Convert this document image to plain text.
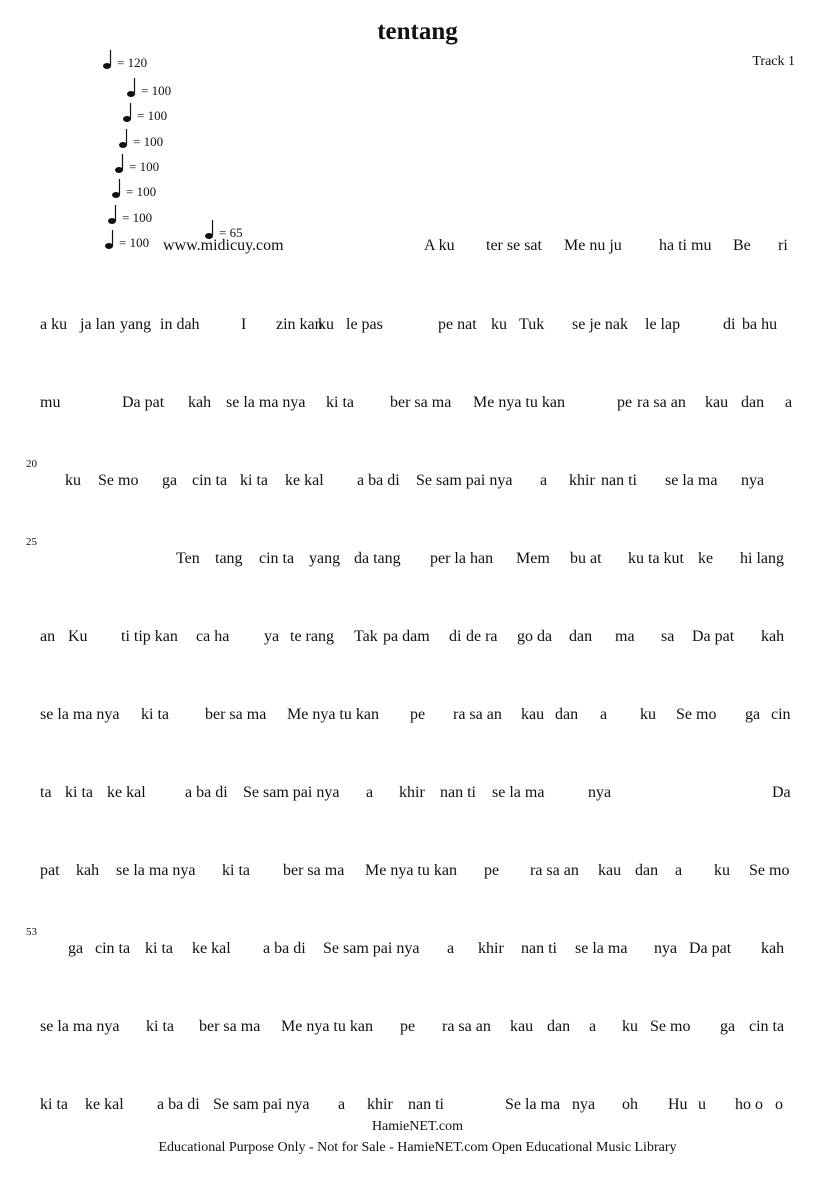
tentang
Track 1
= 120
= 100
= 100
= 100
= 100
= 100
= 100
= 100
= 65
www.midicuy.com
20
25
53
A ku ter se sat Me nu ju ha ti mu Be ri
a ku ja lan yang in dah	I zin kan
ku le pas	pe nat ku Tuk se je nak le lap	di ba hu
mu	Da pat kah se la ma nya ki ta ber sa ma Me nya tu kan	pe ra sa an kau dan a
ku Se mo ga cin ta ki ta ke kal a ba di Se sam pai nya a khir nan ti se la ma nya
Ten tang cin ta yang da tang per la han Mem bu at ku ta kut ke hi lang
an Ku ti tip kan ca ha ya te rang Tak pa dam di de ra go da dan ma sa Da pat kah
se la ma nya ki ta ber sa ma Me nya tu kan pe ra sa an kau dan a ku Se mo ga cin
ta ki ta ke kal a ba di Se sam pai nya a khir nan ti se la ma	nya	Da
pat kah se la ma nya ki ta ber sa ma Me nya tu kan pe ra sa an kau dan a ku Se mo
ga cin ta ki ta ke kal a ba di Se sam pai nya a khir nan ti se la ma nya Da pat kah
se la ma nya ki ta ber sa ma Me nya tu kan pe ra sa an kau dan a ku Se mo ga cin ta
ki ta ke kal a ba di Se sam pai nya a khir nan ti	Se la ma nya oh Hu u ho o o
HamieNET.com
Educational Purpose Only - Not for Sale - HamieNET.com Open Educational Music Library
